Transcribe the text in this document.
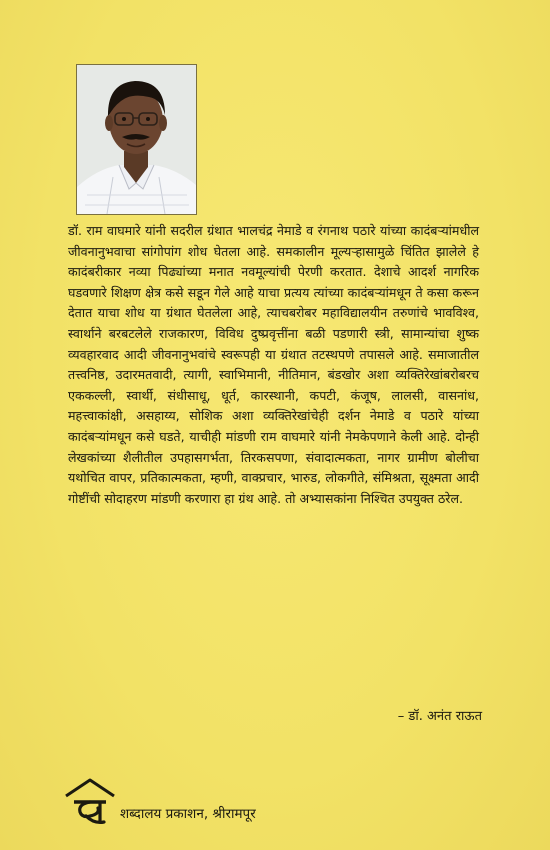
डॉ. राम वाघमारे यांनी सदरील ग्रंथात भालचंद्र नेमाडे व रंगनाथ पठारे यांच्या कादंबऱ्यांमधील जीवनानुभवाचा सांगोपांग शोध घेतला आहे. समकालीन मूल्यऱ्हासामुळे चिंतित झालेले हे कादंबरीकार नव्या पिढ्यांच्या मनात नवमूल्यांची पेरणी करतात. देशाचे आदर्श नागरिक घडवणारे शिक्षण क्षेत्र कसे सडून गेले आहे याचा प्रत्यय त्यांच्या कादंबऱ्यांमधून ते कसा करून देतात याचा शोध या ग्रंथात घेतलेला आहे, त्याचबरोबर महाविद्यालयीन तरुणांचे भावविश्व, स्वार्थाने बरबटलेले राजकारण, विविध दुष्प्रवृत्तींना बळी पडणारी स्त्री, सामान्यांचा शुष्क व्यवहारवाद आदी जीवनानुभवांचे स्वरूपही या ग्रंथात तटस्थपणे तपासले आहे. समाजातील तत्त्वनिष्ठ, उदारमतवादी, त्यागी, स्वाभिमानी, नीतिमान, बंडखोर अशा व्यक्तिरेखांबरोबरच एककल्ली, स्वार्थी, संधीसाधू, धूर्त, कारस्थानी, कपटी, कंजूष, लालसी, वासनांध, महत्त्वाकांक्षी, असहाय्य, सोशिक अशा व्यक्तिरेखांचेही दर्शन नेमाडे व पठारे यांच्या कादंबऱ्यांमधून कसे घडते, याचीही मांडणी राम वाघमारे यांनी नेमकेपणाने केली आहे. दोन्ही लेखकांच्या शैलीतील उपहासगर्भता, तिरकसपणा, संवादात्मकता, नागर ग्रामीण बोलीचा यथोचित वापर, प्रतिकात्मकता, म्हणी, वाक्प्रचार, भारुड, लोकगीते, संमिश्रता, सूक्ष्मता आदी गोष्टींची सोदाहरण मांडणी करणारा हा ग्रंथ आहे. तो अभ्यासकांना निश्चित उपयुक्त ठरेल.

– डॉ. अनंत राऊत
शब्दालय प्रकाशन, श्रीरामपूर
